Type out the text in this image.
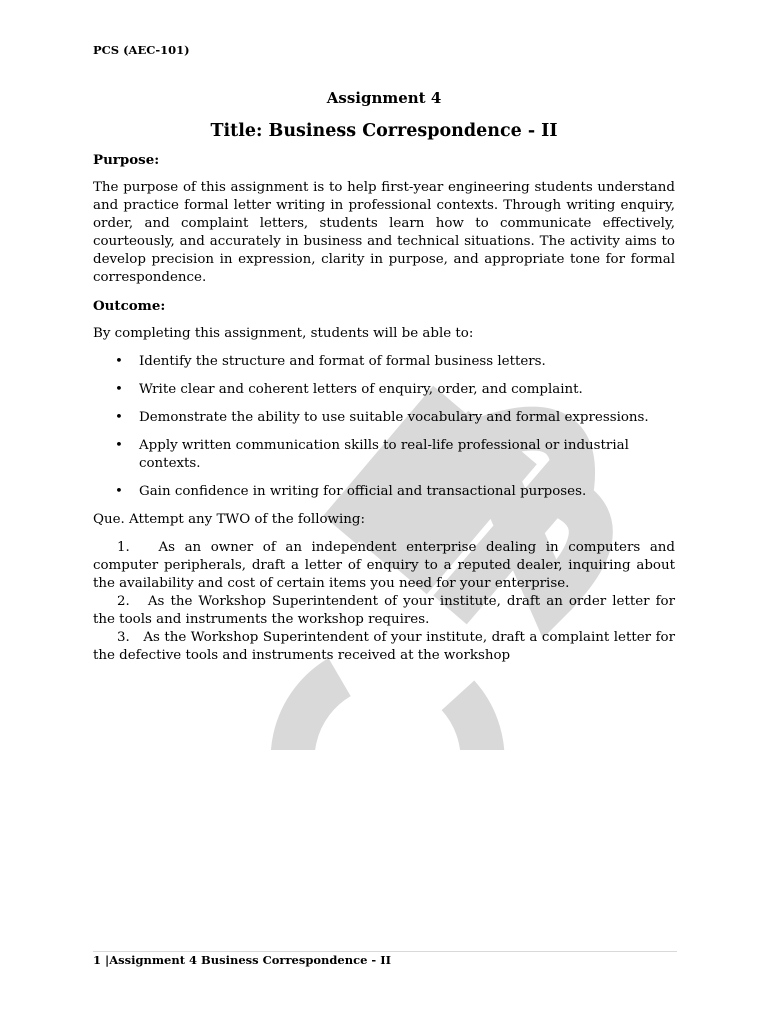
PCS (AEC-101)
Assignment 4
Title: Business Correspondence - II
Purpose:

The purpose of this assignment is to help first-year engineering students understand and practice formal letter writing in professional contexts. Through writing enquiry, order, and complaint letters, students learn how to communicate effectively, courteously, and accurately in business and technical situations. The activity aims to develop precision in expression, clarity in purpose, and appropriate tone for formal correspondence.

Outcome:

By completing this assignment, students will be able to:

• Identify the structure and format of formal business letters.
• Write clear and coherent letters of enquiry, order, and complaint.
• Demonstrate the ability to use suitable vocabulary and formal expressions.
• Apply written communication skills to real-life professional or industrial contexts.
• Gain confidence in writing for official and transactional purposes.

Que. Attempt any TWO of the following:

1. As an owner of an independent enterprise dealing in computers and computer peripherals, draft a letter of enquiry to a reputed dealer, inquiring about the availability and cost of certain items you need for your enterprise.

2. As the Workshop Superintendent of your institute, draft an order letter for the tools and instruments the workshop requires.

3. As the Workshop Superintendent of your institute, draft a complaint letter for the defective tools and instruments received at the workshop

1 |Assignment 4 Business Correspondence - II
